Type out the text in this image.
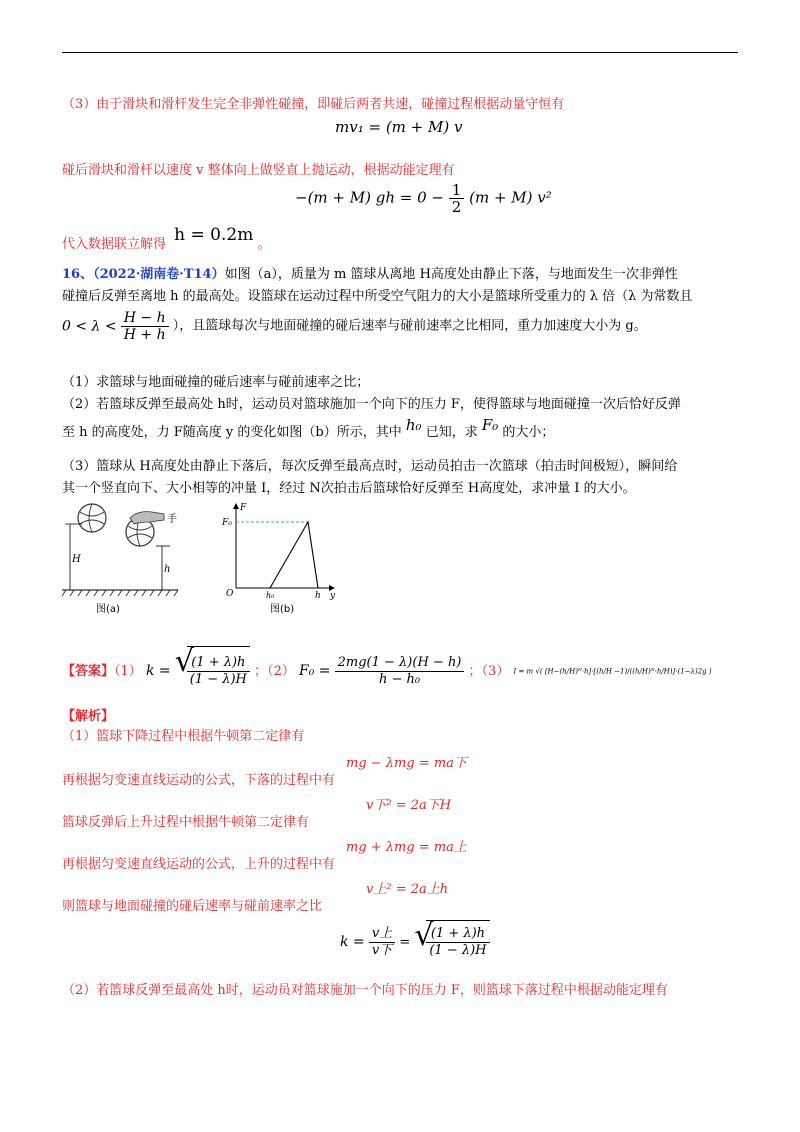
（3）由于滑块和滑杆发生完全非弹性碰撞，即碰后两者共速，碰撞过程根据动量守恒有
mv₁ = (m + M) v
碰后滑块和滑杆以速度 v 整体向上做竖直上抛运动，根据动能定理有
−(m + M) gh = $0 - \frac{1}{2} (m + M)$ v²
代入数据联立解得 h = 0.2m 。
16、（2022·湖南卷·T14）如图（a），质量为 m 篮球从离地 H高度处由静止下落，与地面发生一次非弹性
碰撞后反弹至离地 h 的最高处。设篮球在运动过程中所受空气阻力的大小是篮球所受重力的 λ 倍（λ 为常数且
$0 < \lambda < \frac{H - h}{H + h}$ ），且篮球每次与地面碰撞的碰后速率与碰前速率之比相同，重力加速度大小为 g。
（1）求篮球与地面碰撞的碰后速率与碰前速率之比；
（2）若篮球反弹至最高处 h时，运动员对篮球施加一个向下的压力 F，使得篮球与地面碰撞一次后恰好反弹
至 h 的高度处，力 F随高度 y 的变化如图（b）所示，其中 h₀ 已知，求 F₀ 的大小；
（3）篮球从 H高度处由静止下落后，每次反弹至最高点时，运动员拍击一次篮球（拍击时间极短），瞬间给
其一个竖直向下、大小相等的冲量 I，经过 N次拍击后篮球恰好反弹至 H高度处，求冲量 I 的大小。
手
H
h
图(a)
F
F₀
O	h₀	h y
图(b)
【答案】（1） k = √
$\frac{(1 + \lambda)h}{(1 - \lambda)H}$ ；（2） $F_0 = \frac{2mg(1 - \lambda)(H - h)}{\text{h − h₀}}$ ；（3） I = m √( [H−(h/H)ᴺ·h]·[(h/H −1)/((h/H)ᴺ·h/H)]·(1−λ)2g )
【解析】
（1）篮球下降过程中根据牛顿第二定律有
mg − λmg = ma下
再根据匀变速直线运动的公式，下落的过程中有
v下² = 2a下H
篮球反弹后上升过程中根据牛顿第二定律有
mg + λmg = ma上
再根据匀变速直线运动的公式，上升的过程中有
v上² = 2a上h
则篮球与地面碰撞的碰后速率与碰前速率之比
$k = \frac{\text{v上}}{\text{v下}}$ = √
$\frac{(1 + \lambda)h}{(1 - \lambda)H}$
（2）若篮球反弹至最高处 h时，运动员对篮球施加一个向下的压力 F，则篮球下落过程中根据动能定理有
